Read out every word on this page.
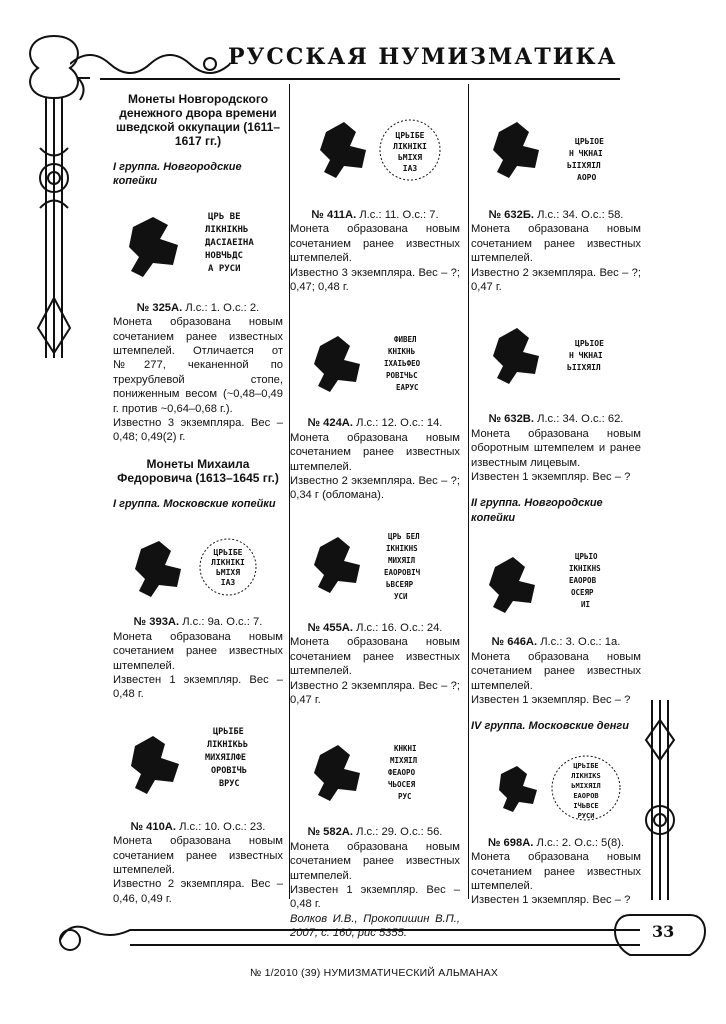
РУССКАЯ НУМИЗМАТИКА
Монеты Новгородского денежного двора времени шведской оккупации (1611–1617 гг.)
I группа. Новгородские копейки
ЦРЬ ВЕ
ЛІКНІКНЬ
ДАСІАЕІНА
НОВЧЬДС
А РУСИ
№ 325А. Л.с.: 1. О.с.: 2.
Монета образована новым сочетанием ранее известных штемпелей. Отличается от №277, чеканенной по трехрублевой стопе, пониженным весом (~0,48–0,49 г. против ~0,64–0,68 г.).
Известно 3 экземпляра. Вес – 0,48; 0,49(2) г.
Монеты Михаила Федоровича (1613–1645 гг.)
I группа. Московские копейки
ЦРЬІБЕ
ЛІКНІКІ
ЬМІХЯ
ІАЗ
№ 393А. Л.с.: 9а. О.с.: 7.
Монета образована новым сочетанием ранее известных штемпелей.
Известен 1 экземпляр. Вес – 0,48 г.
ЦРЬІБЕ
ЛІКНІКЬЬ
МИХЯІЛФЕ
ОРОВІЧЬ
ВРУС
№ 410А. Л.с.: 10. О.с.: 23.
Монета образована новым сочетанием ранее известных штемпелей.
Известно 2 экземпляра. Вес – 0,46, 0,49 г.
ЦРЬІБЕ
ЛІКНІКІ
ЬМІХЯ
ІАЗ
№ 411А. Л.с.: 11. О.с.: 7.
Монета образована новым сочетанием ранее известных штемпелей.
Известно 3 экземпляра. Вес – ?; 0,47; 0,48 г.
ФИВЕЛ
КНІКНЬ
ІХАІЬФЕО
РОВІЧЬС
ЕАРУС
№ 424А. Л.с.: 12. О.с.: 14.
Монета образована новым сочетанием ранее известных штемпелей.
Известно 2 экземпляра. Вес – ?; 0,34 г (обломана).
ЦРЬ БЕЛ
ІКНІКНS
МИХЯІЛ
ЕАОРОВІЧ
ЬВСЕЯР
УСИ
№ 455А. Л.с.: 16. О.с.: 24.
Монета образована новым сочетанием ранее известных штемпелей.
Известно 2 экземпляра. Вес – ?; 0,47 г.
КНКНІ
МІХЯІЛ
ФЕАОРО
ЧЬОСЕЯ
РУС
№ 582А. Л.с.: 29. О.с.: 56.
Монета образована новым сочетанием ранее известных штемпелей.
Известен 1 экземпляр. Вес – 0,48 г.
Волков И.В., Прокопишин В.П., 2007, с. 160, рис 5355.
ЦРЬІОЕ
Н ЧКНАІ
ЬІІХЯІЛ
АОРО
№ 632Б. Л.с.: 34. О.с.: 58.
Монета образована новым сочетанием ранее известных штемпелей.
Известно 2 экземпляра. Вес – ?; 0,47 г.
ЦРЬІОЕ
Н ЧКНАІ
ЬІІХЯІЛ
№ 632В. Л.с.: 34. О.с.: 62.
Монета образована новым оборотным штемпелем и ранее известным лицевым.
Известен 1 экземпляр. Вес – ?
II группа. Новгородские копейки
ЦРЬІО
ІКНІКНS
ЕАОРОВ
ОСЕЯР
ИІ
№ 646А. Л.с.: 3. О.с.: 1а.
Монета образована новым сочетанием ранее известных штемпелей.
Известен 1 экземпляр. Вес – ?
IV группа. Московские денги
ЦРЬІБЕ
ЛІКНІКS
ЬМІХЯІЛ
ЕАОРОВ
ІЧЬВСЕ
РУСИ
№ 698А. Л.с.: 2. О.с.: 5(8).
Монета образована новым сочетанием ранее известных штемпелей.
Известен 1 экземпляр. Вес – ?
33
№ 1/2010 (39) НУМИЗМАТИЧЕСКИЙ АЛЬМАНАХ
